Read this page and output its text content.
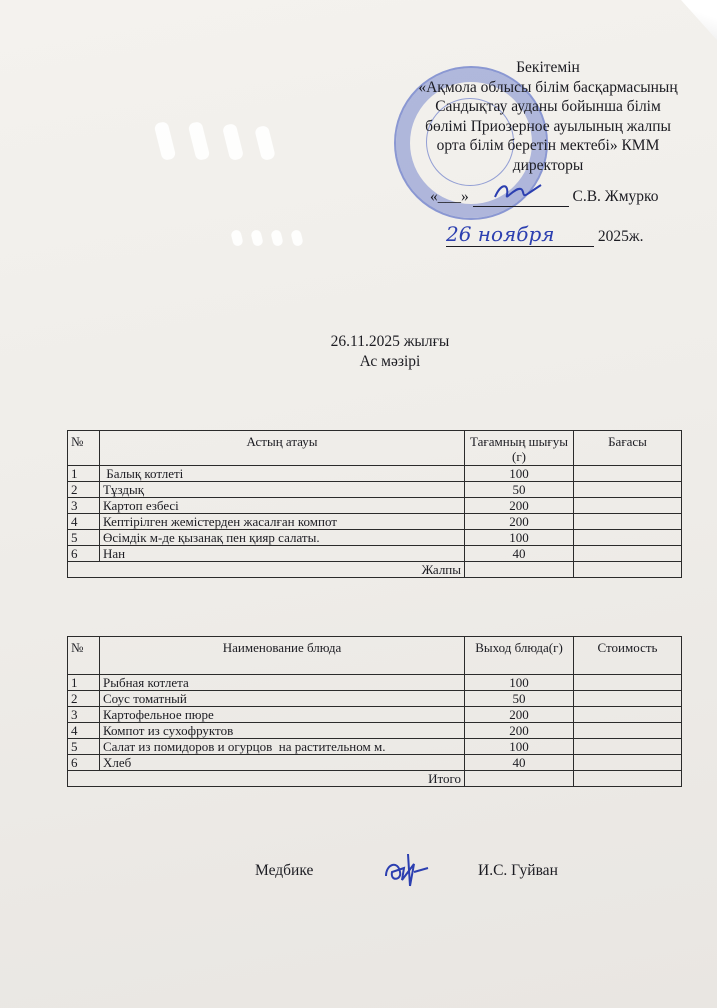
Бекітемін
«Ақмола облысы білім басқармасының
Сандықтау ауданы бойынша білім
бөлімі Приозерное ауылының жалпы
орта білім беретін мектебі» КММ
директоры
«___»	С.В. Жмурко
26 ноября	2025ж.
26.11.2025 жылғы
Ас мәзірі
№	Астың атауы	Тағамның шығуы (г)	Бағасы
1	Балық котлеті	100	
2	Тұздық	50	
3	Картоп езбесі	200	
4	Кептірілген жемістерден жасалған компот	200	
5	Өсімдік м-де қызанақ пен қияр салаты.	100	
6	Нан	40	
Жалпы			
№	Наименование блюда	Выход блюда(г)	Стоимость
1	Рыбная котлета	100	
2	Соус томатный	50	
3	Картофельное пюре	200	
4	Компот из сухофруктов	200	
5	Салат из помидоров и огурцов  на растительном м.	100	
6	Хлеб	40	
Итого			
Медбике	И.С. Гуйван
